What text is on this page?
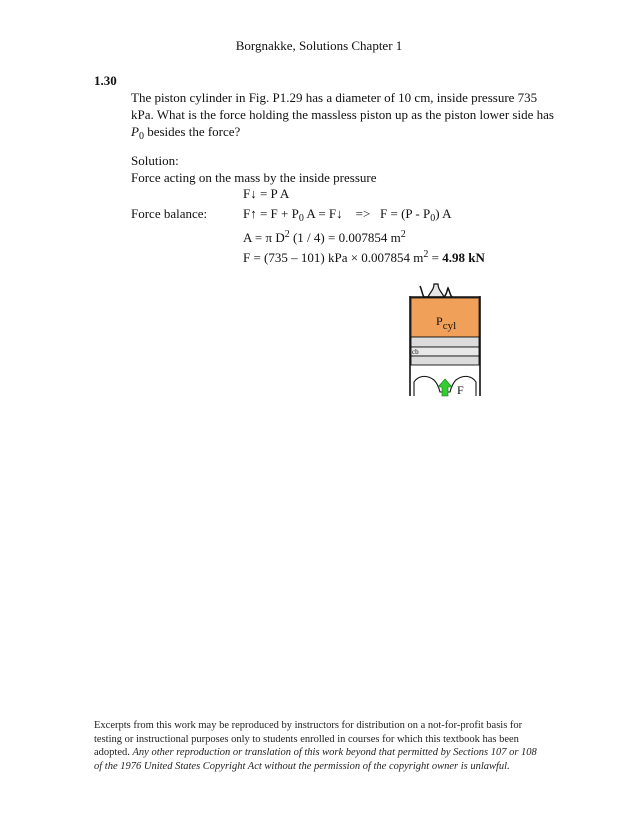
Borgnakke, Solutions Chapter 1
1.30
The piston cylinder in Fig. P1.29 has a diameter of 10 cm, inside pressure 735
kPa. What is the force holding the massless piston up as the piston lower side has
$P_0$ besides the force?
Solution:
Force acting on the mass by the inside pressure
F↓ = P A
Force balance:	F↑ = $F + P_0$ A = F↓    =>   $F = (P - P_0)$ A
A = π $D^2$ (1 / 4) = 0.007854 $m^2$
F = (735 – 101) kPa × 0.007854 $m^2 = 4.98$ kN
Pcyl
cb
F
Excerpts from this work may be reproduced by instructors for distribution on a not-for-profit basis for
testing or instructional purposes only to students enrolled in courses for which this textbook has been
adopted. Any other reproduction or translation of this work beyond that permitted by Sections 107 or 108
of the 1976 United States Copyright Act without the permission of the copyright owner is unlawful.
